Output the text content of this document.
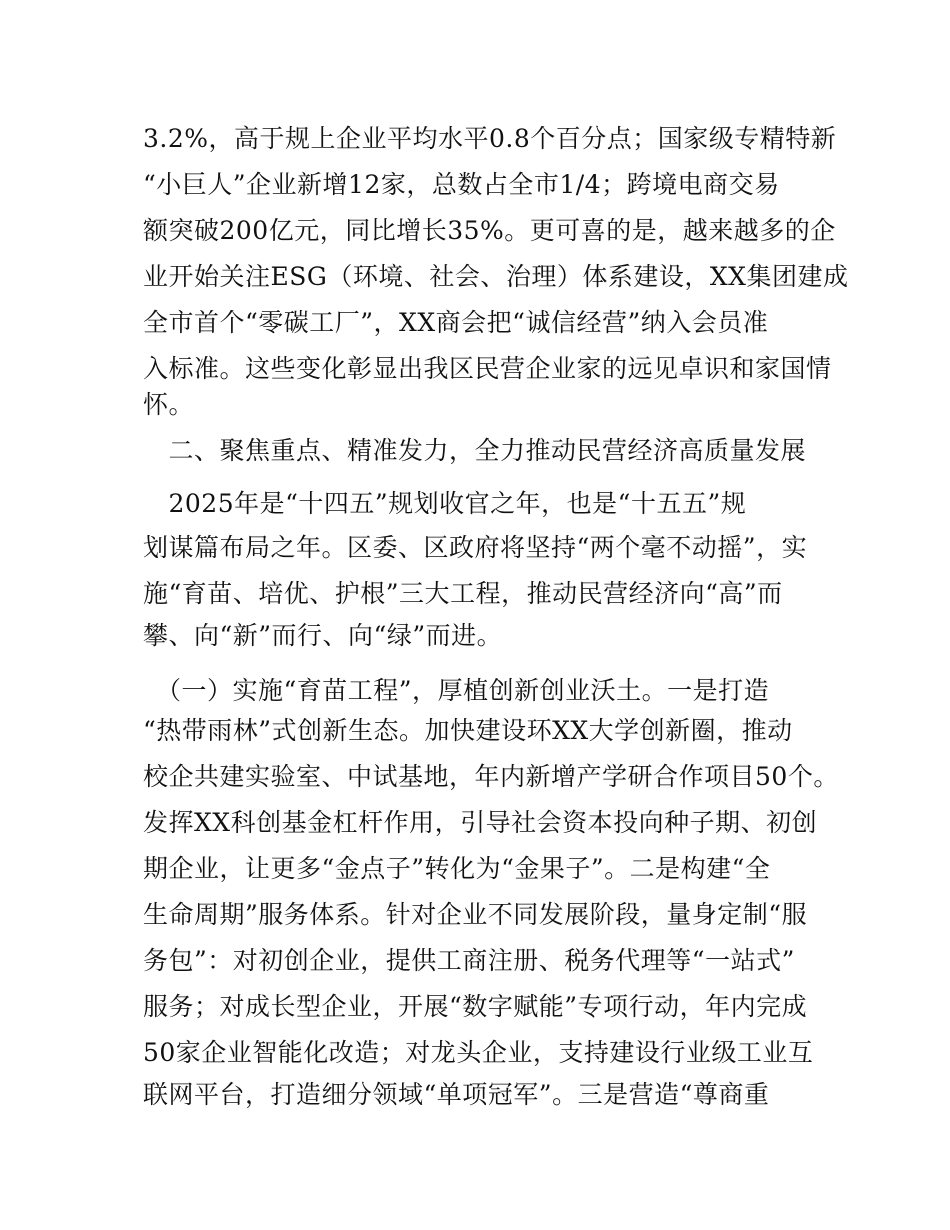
3.2%，高于规上企业平均水平0.8个百分点；国家级专精特新
“小巨人”企业新增12家，总数占全市1/4；跨境电商交易
额突破200亿元，同比增长35%。更可喜的是，越来越多的企
业开始关注ESG（环境、社会、治理）体系建设，XX集团建成
全市首个“零碳工厂”，XX商会把“诚信经营”纳入会员准
入标准。这些变化彰显出我区民营企业家的远见卓识和家国情
怀。
　二、聚焦重点、精准发力，全力推动民营经济高质量发展
　2025年是“十四五”规划收官之年，也是“十五五”规
划谋篇布局之年。区委、区政府将坚持“两个毫不动摇”，实
施“育苗、培优、护根”三大工程，推动民营经济向“高”而
攀、向“新”而行、向“绿”而进。
　（一）实施“育苗工程”，厚植创新创业沃土。一是打造
“热带雨林”式创新生态。加快建设环XX大学创新圈，推动
校企共建实验室、中试基地，年内新增产学研合作项目50个。
发挥XX科创基金杠杆作用，引导社会资本投向种子期、初创
期企业，让更多“金点子”转化为“金果子”。二是构建“全
生命周期”服务体系。针对企业不同发展阶段，量身定制“服
务包”：对初创企业，提供工商注册、税务代理等“一站式”
服务；对成长型企业，开展“数字赋能”专项行动，年内完成
50家企业智能化改造；对龙头企业，支持建设行业级工业互
联网平台，打造细分领域“单项冠军”。三是营造“尊商重
